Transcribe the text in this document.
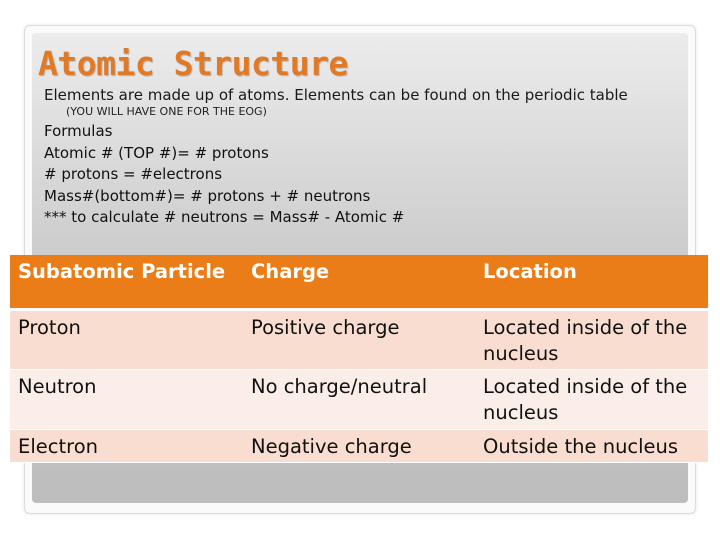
Atomic Structure
Elements are made up of atoms. Elements can be found on the periodic table
(YOU WILL HAVE ONE FOR THE EOG)
Formulas
Atomic # (TOP #)= # protons
# protons = #electrons
Mass#(bottom#)= # protons + # neutrons
*** to calculate # neutrons = Mass# - Atomic #
Subatomic Particle	Charge	Location
Proton	Positive charge	Located inside of the nucleus
Neutron	No charge/neutral	Located inside of the nucleus
Electron	Negative charge	Outside the nucleus
